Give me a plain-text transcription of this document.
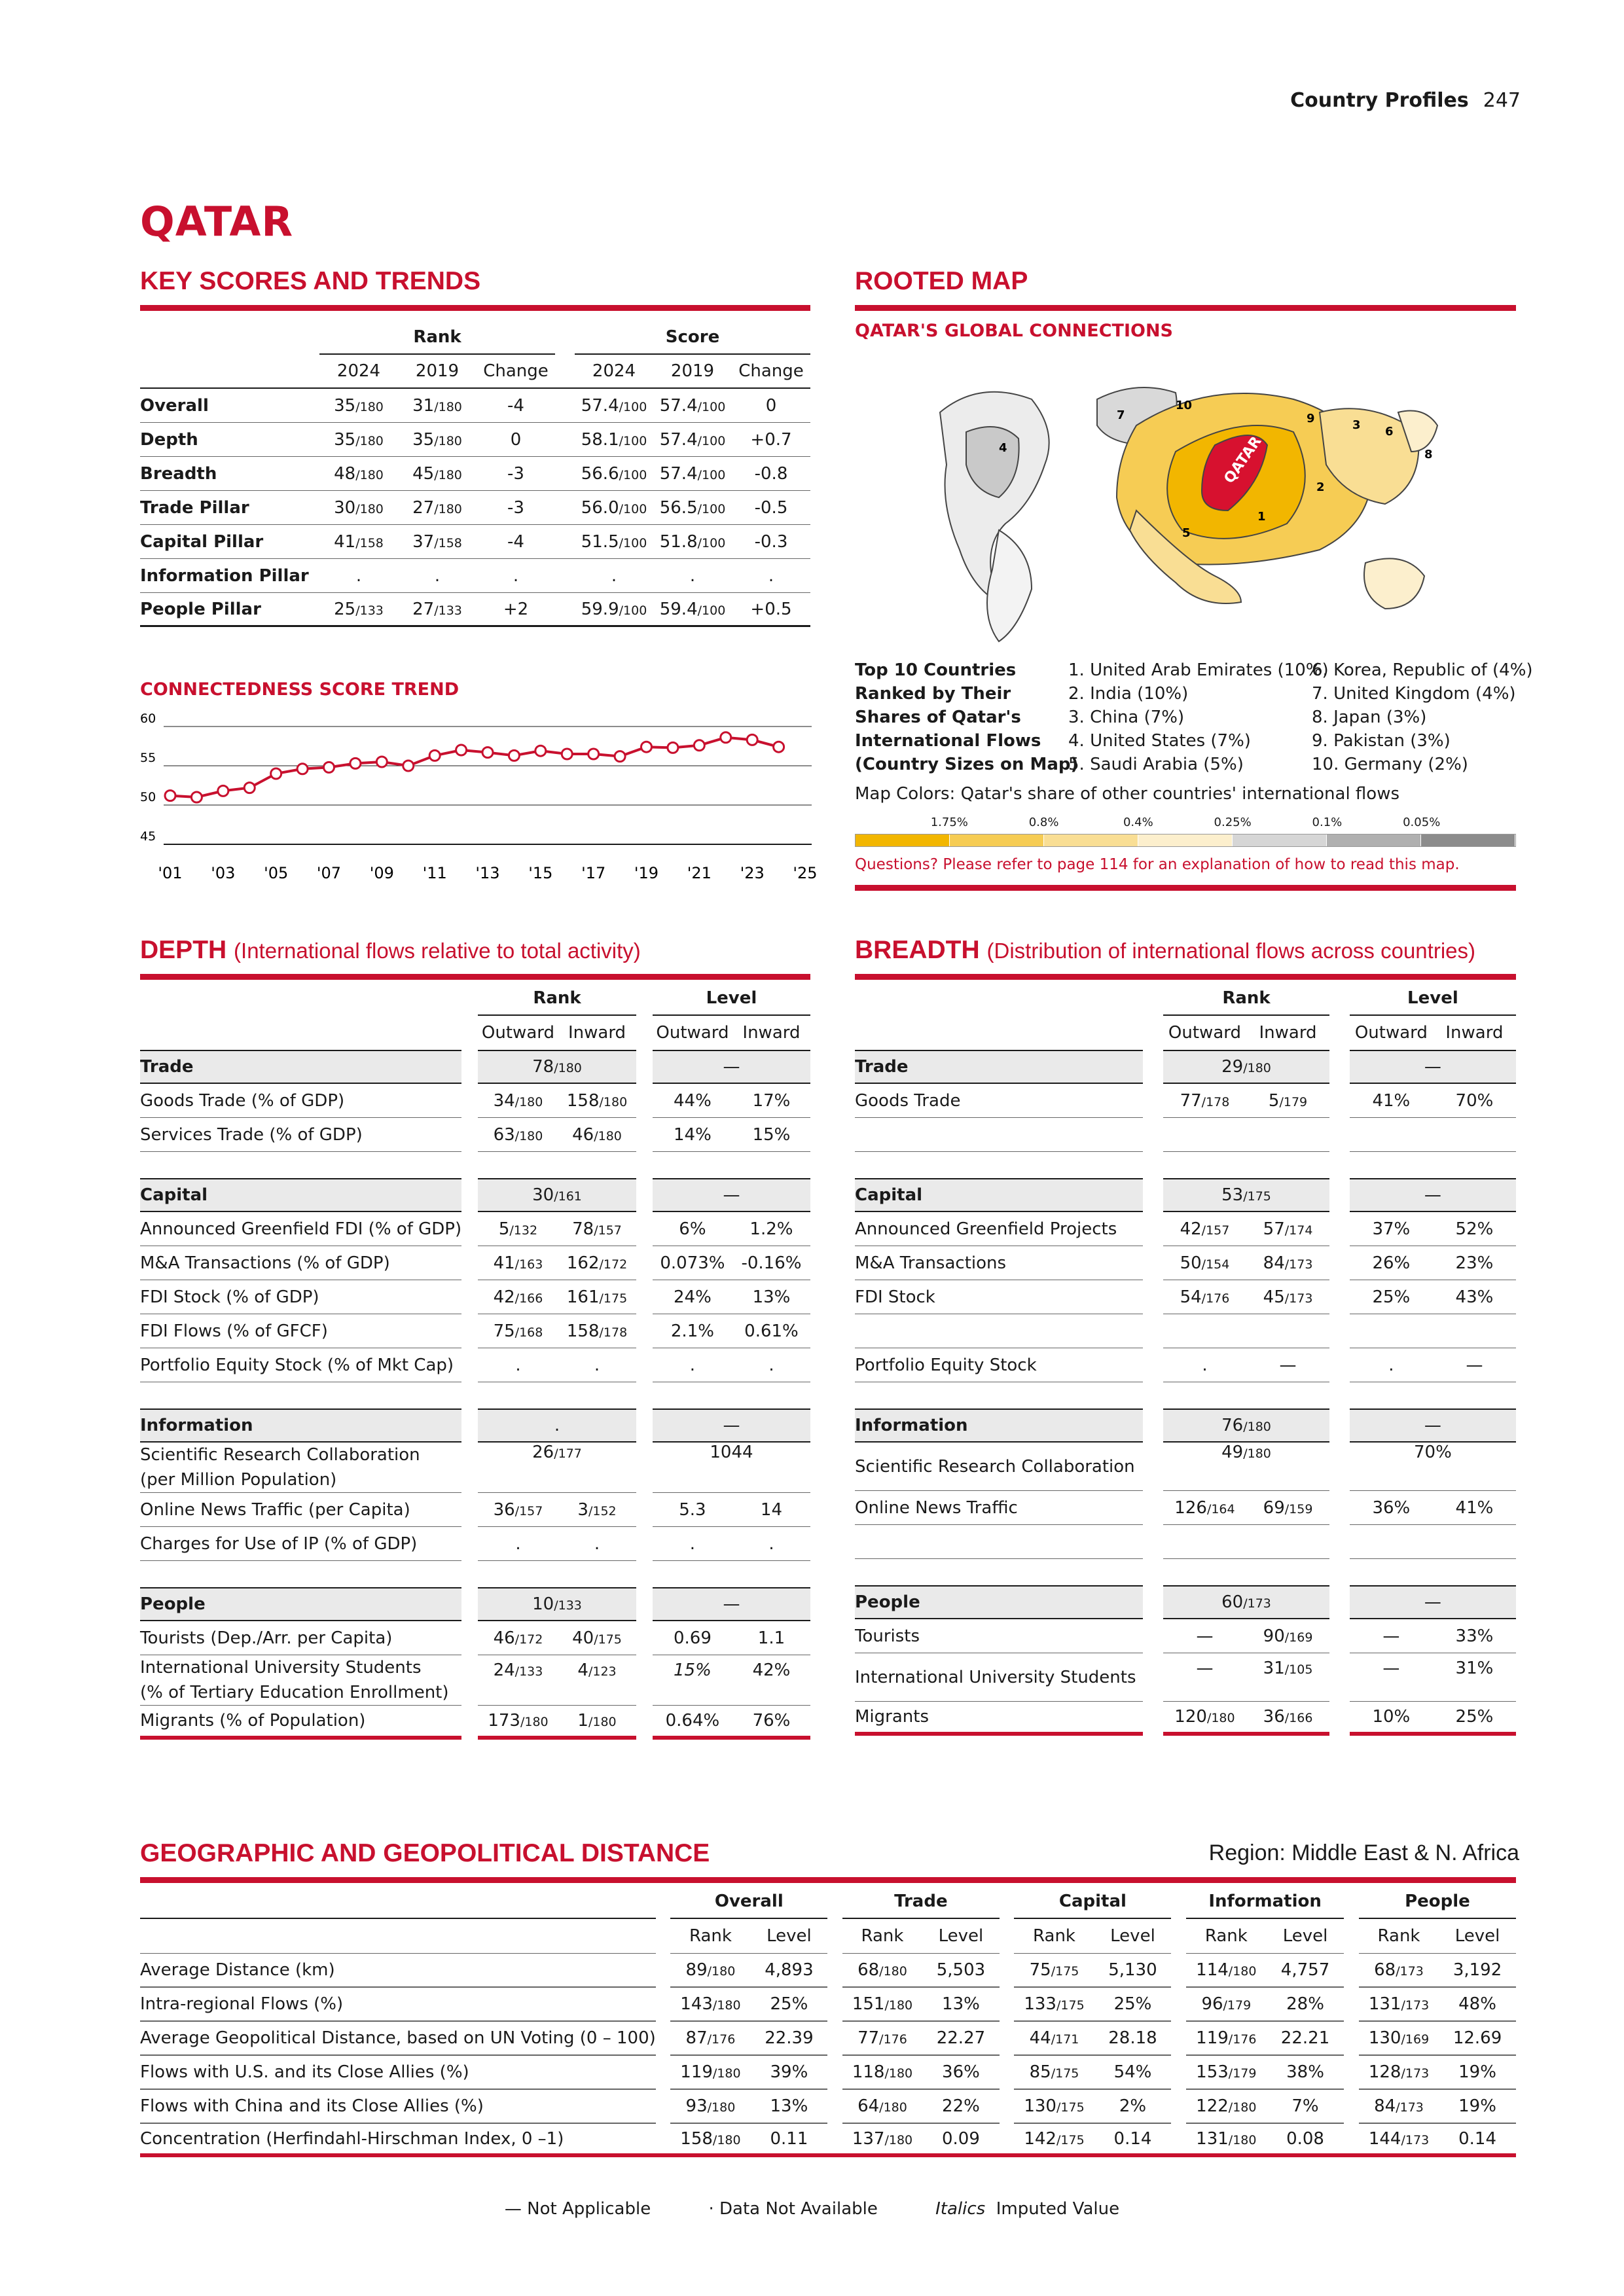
Country Profiles 247
QATAR
KEY SCORES AND TRENDS
	Rank				Score		
	2024	2019	Change		2024	2019	Change
Overall	35/180	31/180	-4		57.4/100	57.4/100	0
Depth	35/180	35/180	0		58.1/100	57.4/100	+0.7
Breadth	48/180	45/180	-3		56.6/100	57.4/100	-0.8
Trade Pillar	30/180	27/180	-3		56.0/100	56.5/100	-0.5
Capital Pillar	41/158	37/158	-4		51.5/100	51.8/100	-0.3
Information Pillar	.	.	.		.	.	.
People Pillar	25/133	27/133	+2		59.9/100	59.4/100	+0.5
CONNECTEDNESS SCORE TREND
60
55
50
45
'01 '03 '05 '07 '09 '11 '13 '15 '17 '19 '21 '23 '25
ROOTED MAP
QATAR'S GLOBAL CONNECTIONS
QATAR
1
2
3
4
5
6
7
8
9
10
Top 10 Countries
Ranked by Their
Shares of Qatar's
International Flows
(Country Sizes on Map)
1. United Arab Emirates (10%)
2. India (10%)
3. China (7%)
4. United States (7%)
5. Saudi Arabia (5%)
6. Korea, Republic of (4%)
7. United Kingdom (4%)
8. Japan (3%)
9. Pakistan (3%)
10. Germany (2%)
Map Colors: Qatar's share of other countries' international flows
1.75%	0.8%	0.4%	0.25%	0.1%	0.05%
Questions? Please refer to page 114 for an explanation of how to read this map.
DEPTH (International flows relative to total activity)
		Rank			Level	
		Outward	Inward		Outward	Inward
Trade		78/180			—	
Goods Trade (% of GDP)		34/180	158/180		44%	17%
Services Trade (% of GDP)		63/180	46/180		14%	15%

Capital		30/161			—	
Announced Greenfield FDI (% of GDP)		5/132	78/157		6%	1.2%
M&A Transactions (% of GDP)		41/163	162/172		0.073%	-0.16%
FDI Stock (% of GDP)		42/166	161/175		24%	13%
FDI Flows (% of GFCF)		75/168	158/178		2.1%	0.61%
Portfolio Equity Stock (% of Mkt Cap)		.	.		.	.

Information		.			—	

Scientific Research Collaboration
(per Million Population)		26/177			1044	
Online News Traffic (per Capita)		36/157	3/152		5.3	14
Charges for Use of IP (% of GDP)		.	.		.	.

People		10/133			—	
Tourists (Dep./Arr. per Capita)		46/172	40/175		0.69	1.1

International University Students
(% of Tertiary Education Enrollment)		24/133	4/123		15%	42%
Migrants (% of Population)		173/180	1/180		0.64%	76%
BREADTH (Distribution of international flows across countries)
		Rank			Level	
		Outward	Inward		Outward	Inward
Trade		29/180			—	
Goods Trade		77/178	5/179		41%	70%

Capital		53/175			—	
Announced Greenfield Projects		42/157	57/174		37%	52%
M&A Transactions		50/154	84/173		26%	23%
FDI Stock		54/176	45/173		25%	43%

Portfolio Equity Stock		.	—		.	—

Information		76/180			—	
Scientific Research Collaboration		49/180			70%	
Online News Traffic		126/164	69/159		36%	41%

People		60/173			—	
Tourists		—	90/169		—	33%
International University Students		—	31/105		—	31%
Migrants		120/180	36/166		10%	25%
GEOGRAPHIC AND GEOPOLITICAL DISTANCE	Region: Middle East & N. Africa
		Overall			Trade			Capital			Information			People	
		Rank	Level		Rank	Level		Rank	Level		Rank	Level		Rank	Level
Average Distance (km)		89/180	4,893		68/180	5,503		75/175	5,130		114/180	4,757		68/173	3,192
Intra-regional Flows (%)		143/180	25%		151/180	13%		133/175	25%		96/179	28%		131/173	48%
Average Geopolitical Distance, based on UN Voting (0 – 100)		87/176	22.39		77/176	22.27		44/171	28.18		119/176	22.21		130/169	12.69
Flows with U.S. and its Close Allies (%)		119/180	39%		118/180	36%		85/175	54%		153/179	38%		128/173	19%
Flows with China and its Close Allies (%)		93/180	13%		64/180	22%		130/175	2%		122/180	7%		84/173	19%
Concentration (Herfindahl-Hirschman Index, 0 –1)		158/180	0.11		137/180	0.09		142/175	0.14		131/180	0.08		144/173	0.14
— Not Applicable	· Data Not Available	Italics Imputed Value
